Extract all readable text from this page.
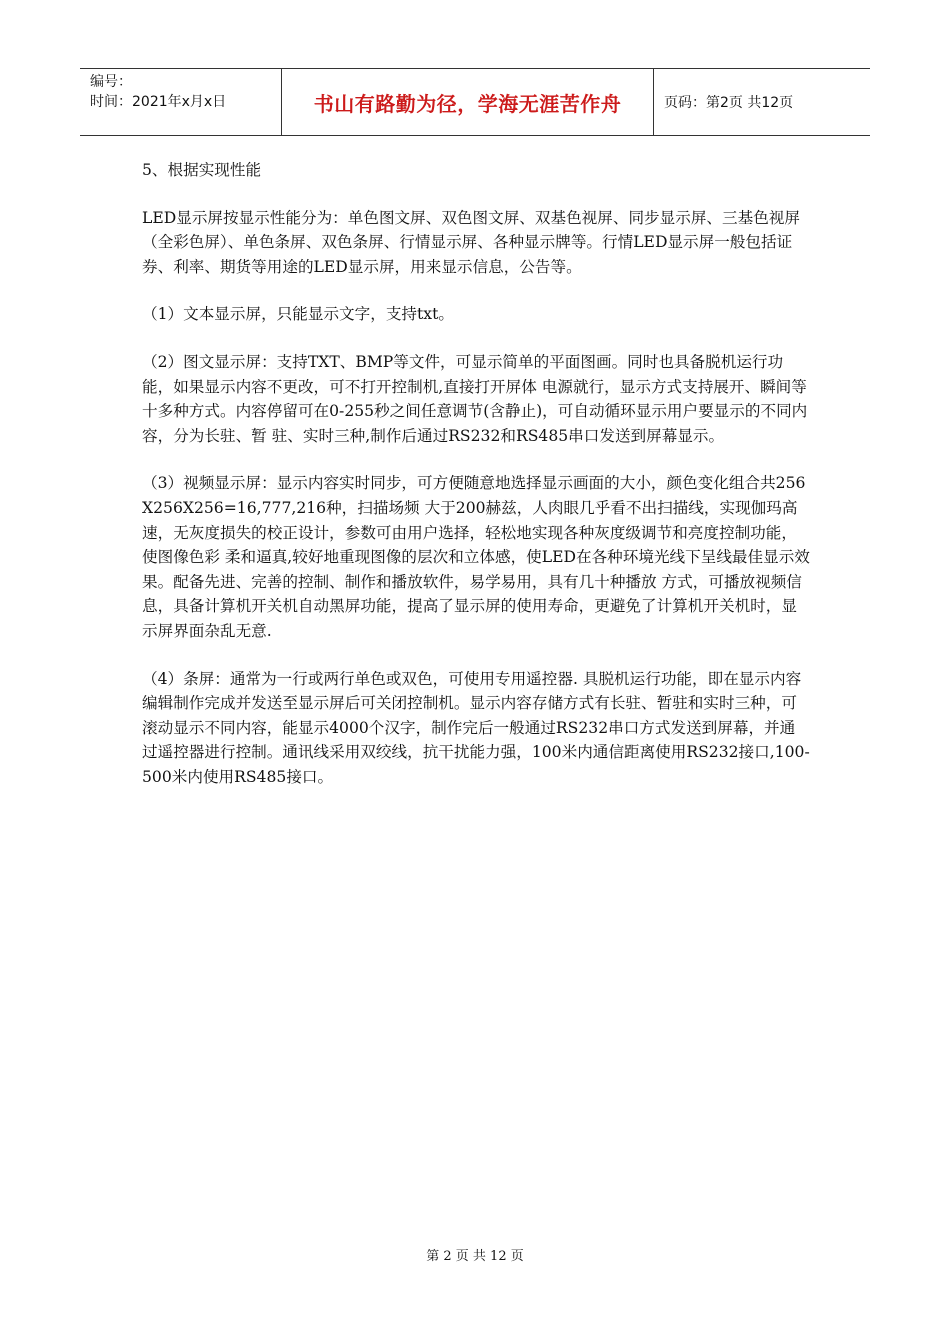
编号：
时间：2021年x月x日	书山有路勤为径，学海无涯苦作舟	页码：第2页 共12页

5、根据实现性能

LED显示屏按显示性能分为：单色图文屏、双色图文屏、双基色视屏、同步显示屏、三基色视屏（全彩色屏）、单色条屏、双色条屏、行情显示屏、各种显示牌等。行情LED显示屏一般包括证券、利率、期货等用途的LED显示屏，用来显示信息，公告等。

（1）文本显示屏，只能显示文字，支持txt。

（2）图文显示屏：支持TXT、BMP等文件，可显示简单的平面图画。同时也具备脱机运行功能，如果显示内容不更改，可不打开控制机,直接打开屏体 电源就行，显示方式支持展开、瞬间等十多种方式。内容停留可在0-255秒之间任意调节(含静止)，可自动循环显示用户要显示的不同内容，分为长驻、暂 驻、实时三种,制作后通过RS232和RS485串口发送到屏幕显示。

（3）视频显示屏：显示内容实时同步，可方便随意地选择显示画面的大小，颜色变化组合共256X256X256=16,777,216种，扫描场频 大于200赫兹，人肉眼几乎看不出扫描线，实现伽玛高速，无灰度损失的校正设计，参数可由用户选择，轻松地实现各种灰度级调节和亮度控制功能，使图像色彩 柔和逼真,较好地重现图像的层次和立体感，使LED在各种环境光线下呈线最佳显示效果。配备先进、完善的控制、制作和播放软件，易学易用，具有几十种播放 方式，可播放视频信息，具备计算机开关机自动黑屏功能，提高了显示屏的使用寿命，更避免了计算机开关机时，显示屏界面杂乱无意.

（4）条屏：通常为一行或两行单色或双色，可使用专用遥控器. 具脱机运行功能，即在显示内容编辑制作完成并发送至显示屏后可关闭控制机。显示内容存储方式有长驻、暂驻和实时三种，可滚动显示不同内容，能显示4000个汉字，制作完后一般通过RS232串口方式发送到屏幕，并通过遥控器进行控制。通讯线采用双绞线，抗干扰能力强，100米内通信距离使用RS232接口,100-500米内使用RS485接口。

第 2 页 共 12 页
